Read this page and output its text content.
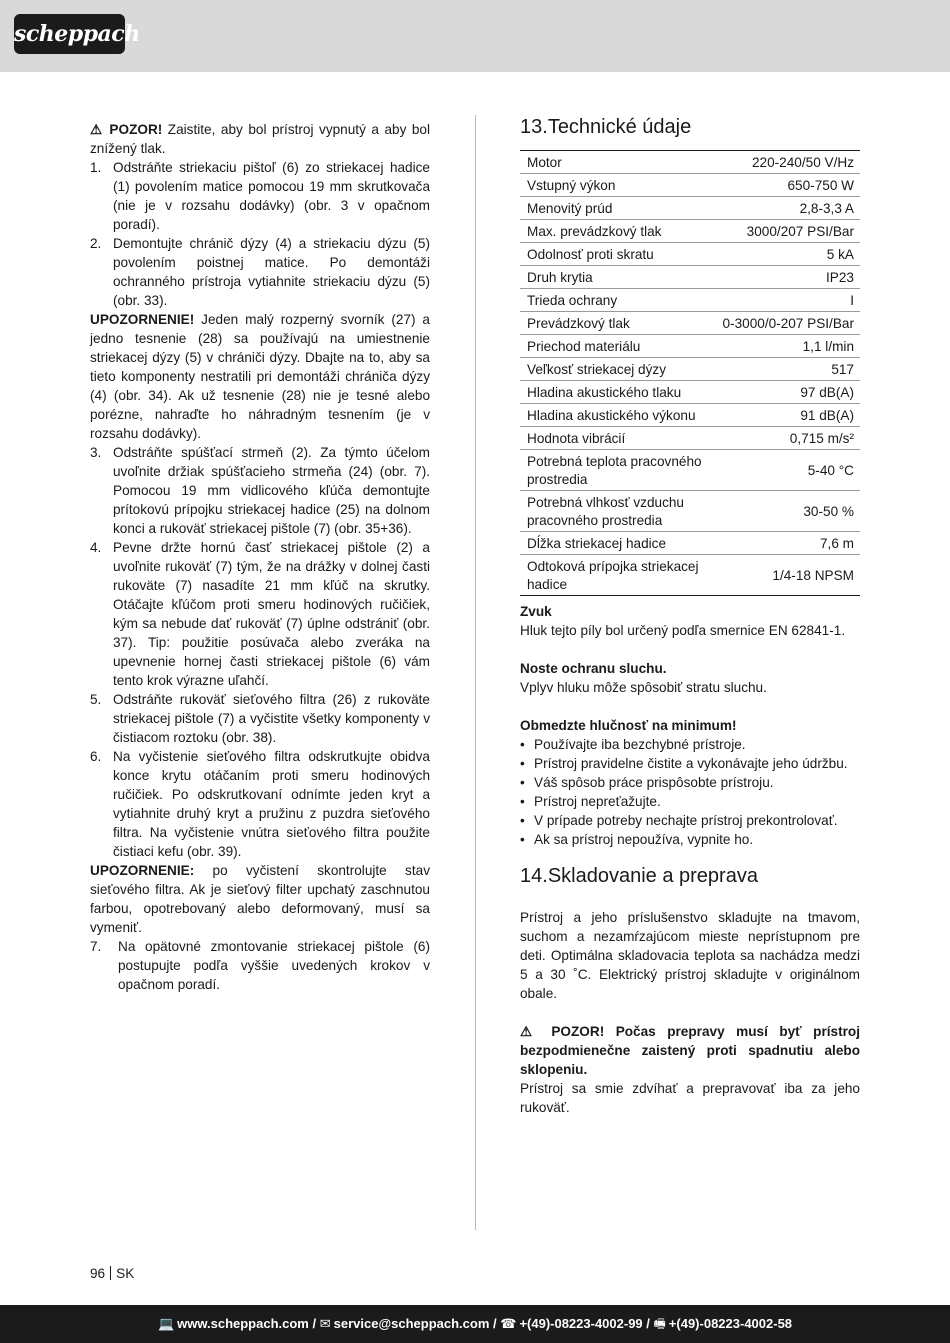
scheppach

⚠ POZOR! Zaistite, aby bol prístroj vypnutý a aby bol znížený tlak.

1. Odstráňte striekaciu pištoľ (6) zo striekacej hadice (1) povolením matice pomocou 19 mm skrutkovača (nie je v rozsahu dodávky) (obr. 3 v opačnom poradí).
2. Demontujte chránič dýzy (4) a striekaciu dýzu (5) povolením poistnej matice. Po demontáži ochranného prístroja vytiahnite striekaciu dýzu (5) (obr. 33).

UPOZORNENIE! Jeden malý rozperný svorník (27) a jedno tesnenie (28) sa používajú na umiestnenie striekacej dýzy (5) v chrániči dýzy. Dbajte na to, aby sa tieto komponenty nestratili pri demontáži chrániča dýzy (4) (obr. 34). Ak už tesnenie (28) nie je tesné alebo porézne, nahraďte ho náhradným tesnením (je v rozsahu dodávky).

3. Odstráňte spúšťací strmeň (2). Za týmto účelom uvoľnite držiak spúšťacieho strmeňa (24) (obr. 7). Pomocou 19 mm vidlicového kľúča demontujte prítokovú prípojku striekacej hadice (25) na dolnom konci a rukoväť striekacej pištole (7) (obr. 35+36).
4. Pevne držte hornú časť striekacej pištole (2) a uvoľnite rukoväť (7) tým, že na drážky v dolnej časti rukoväte (7) nasadíte 21 mm kľúč na skrutky. Otáčajte kľúčom proti smeru hodinových ručičiek, kým sa nebude dať rukoväť (7) úplne odstrániť (obr. 37). Tip: použitie posúvača alebo zveráka na upevnenie hornej časti striekacej pištole (6) vám tento krok výrazne uľahčí.
5. Odstráňte rukoväť sieťového filtra (26) z rukoväte striekacej pištole (7) a vyčistite všetky komponenty v čistiacom roztoku (obr. 38).
6. Na vyčistenie sieťového filtra odskrutkujte obidva konce krytu otáčaním proti smeru hodinových ručičiek. Po odskrutkovaní odnímte jeden kryt a vytiahnite druhý kryt a pružinu z puzdra sieťového filtra. Na vyčistenie vnútra sieťového filtra použite čistiaci kefu (obr. 39).

UPOZORNENIE: po vyčistení skontrolujte stav sieťového filtra. Ak je sieťový filter upchatý zaschnutou farbou, opotrebovaný alebo deformovaný, musí sa vymeniť.

7.	Na opätovné zmontovanie striekacej pištole (6) postupujte podľa vyššie uvedených krokov v opačnom poradí.
13.Technické údaje
Motor	220-240/50 V/Hz
Vstupný výkon	650-750 W
Menovitý prúd	2,8-3,3 A
Max. prevádzkový tlak	3000/207 PSI/Bar
Odolnosť proti skratu	5 kA
Druh krytia	IP23
Trieda ochrany	I
Prevádzkový tlak	0-3000/0-207 PSI/Bar
Priechod materiálu	1,1 l/min
Veľkosť striekacej dýzy	517
Hladina akustického tlaku	97 dB(A)
Hladina akustického výkonu	91 dB(A)
Hodnota vibrácií	0,715 m/s²
Potrebná teplota pracovného prostredia	5-40 °C
Potrebná vlhkosť vzduchu pracovného prostredia	30-50 %
Dĺžka striekacej hadice	7,6 m
Odtoková prípojka striekacej hadice	1/4-18 NPSM

Zvuk

Hluk tejto píly bol určený podľa smernice EN 62841-1.

Noste ochranu sluchu.

Vplyv hluku môže spôsobiť stratu sluchu.

Obmedzte hlučnosť na minimum!

• Používajte iba bezchybné prístroje.
• Prístroj pravidelne čistite a vykonávajte jeho údržbu.
• Váš spôsob práce prispôsobte prístroju.
• Prístroj nepreťažujte.
• V prípade potreby nechajte prístroj prekontrolovať.
• Ak sa prístroj nepoužíva, vypnite ho.
14.Skladovanie a preprava

Prístroj a jeho príslušenstvo skladujte na tmavom, suchom a nezamŕzajúcom mieste neprístupnom pre deti. Optimálna skladovacia teplota sa nachádza medzi 5 a 30 ˚C. Elektrický prístroj skladujte v originálnom obale.

⚠ POZOR! Počas prepravy musí byť prístroj bezpodmienečne zaistený proti spadnutiu alebo sklopeniu.

Prístroj sa smie zdvíhať a prepravovať iba za jeho rukoväť.

96 SK
💻 www.scheppach.com / ✉ service@scheppach.com / ☎ +(49)-08223-4002-99 / 🖷 +(49)-08223-4002-58
